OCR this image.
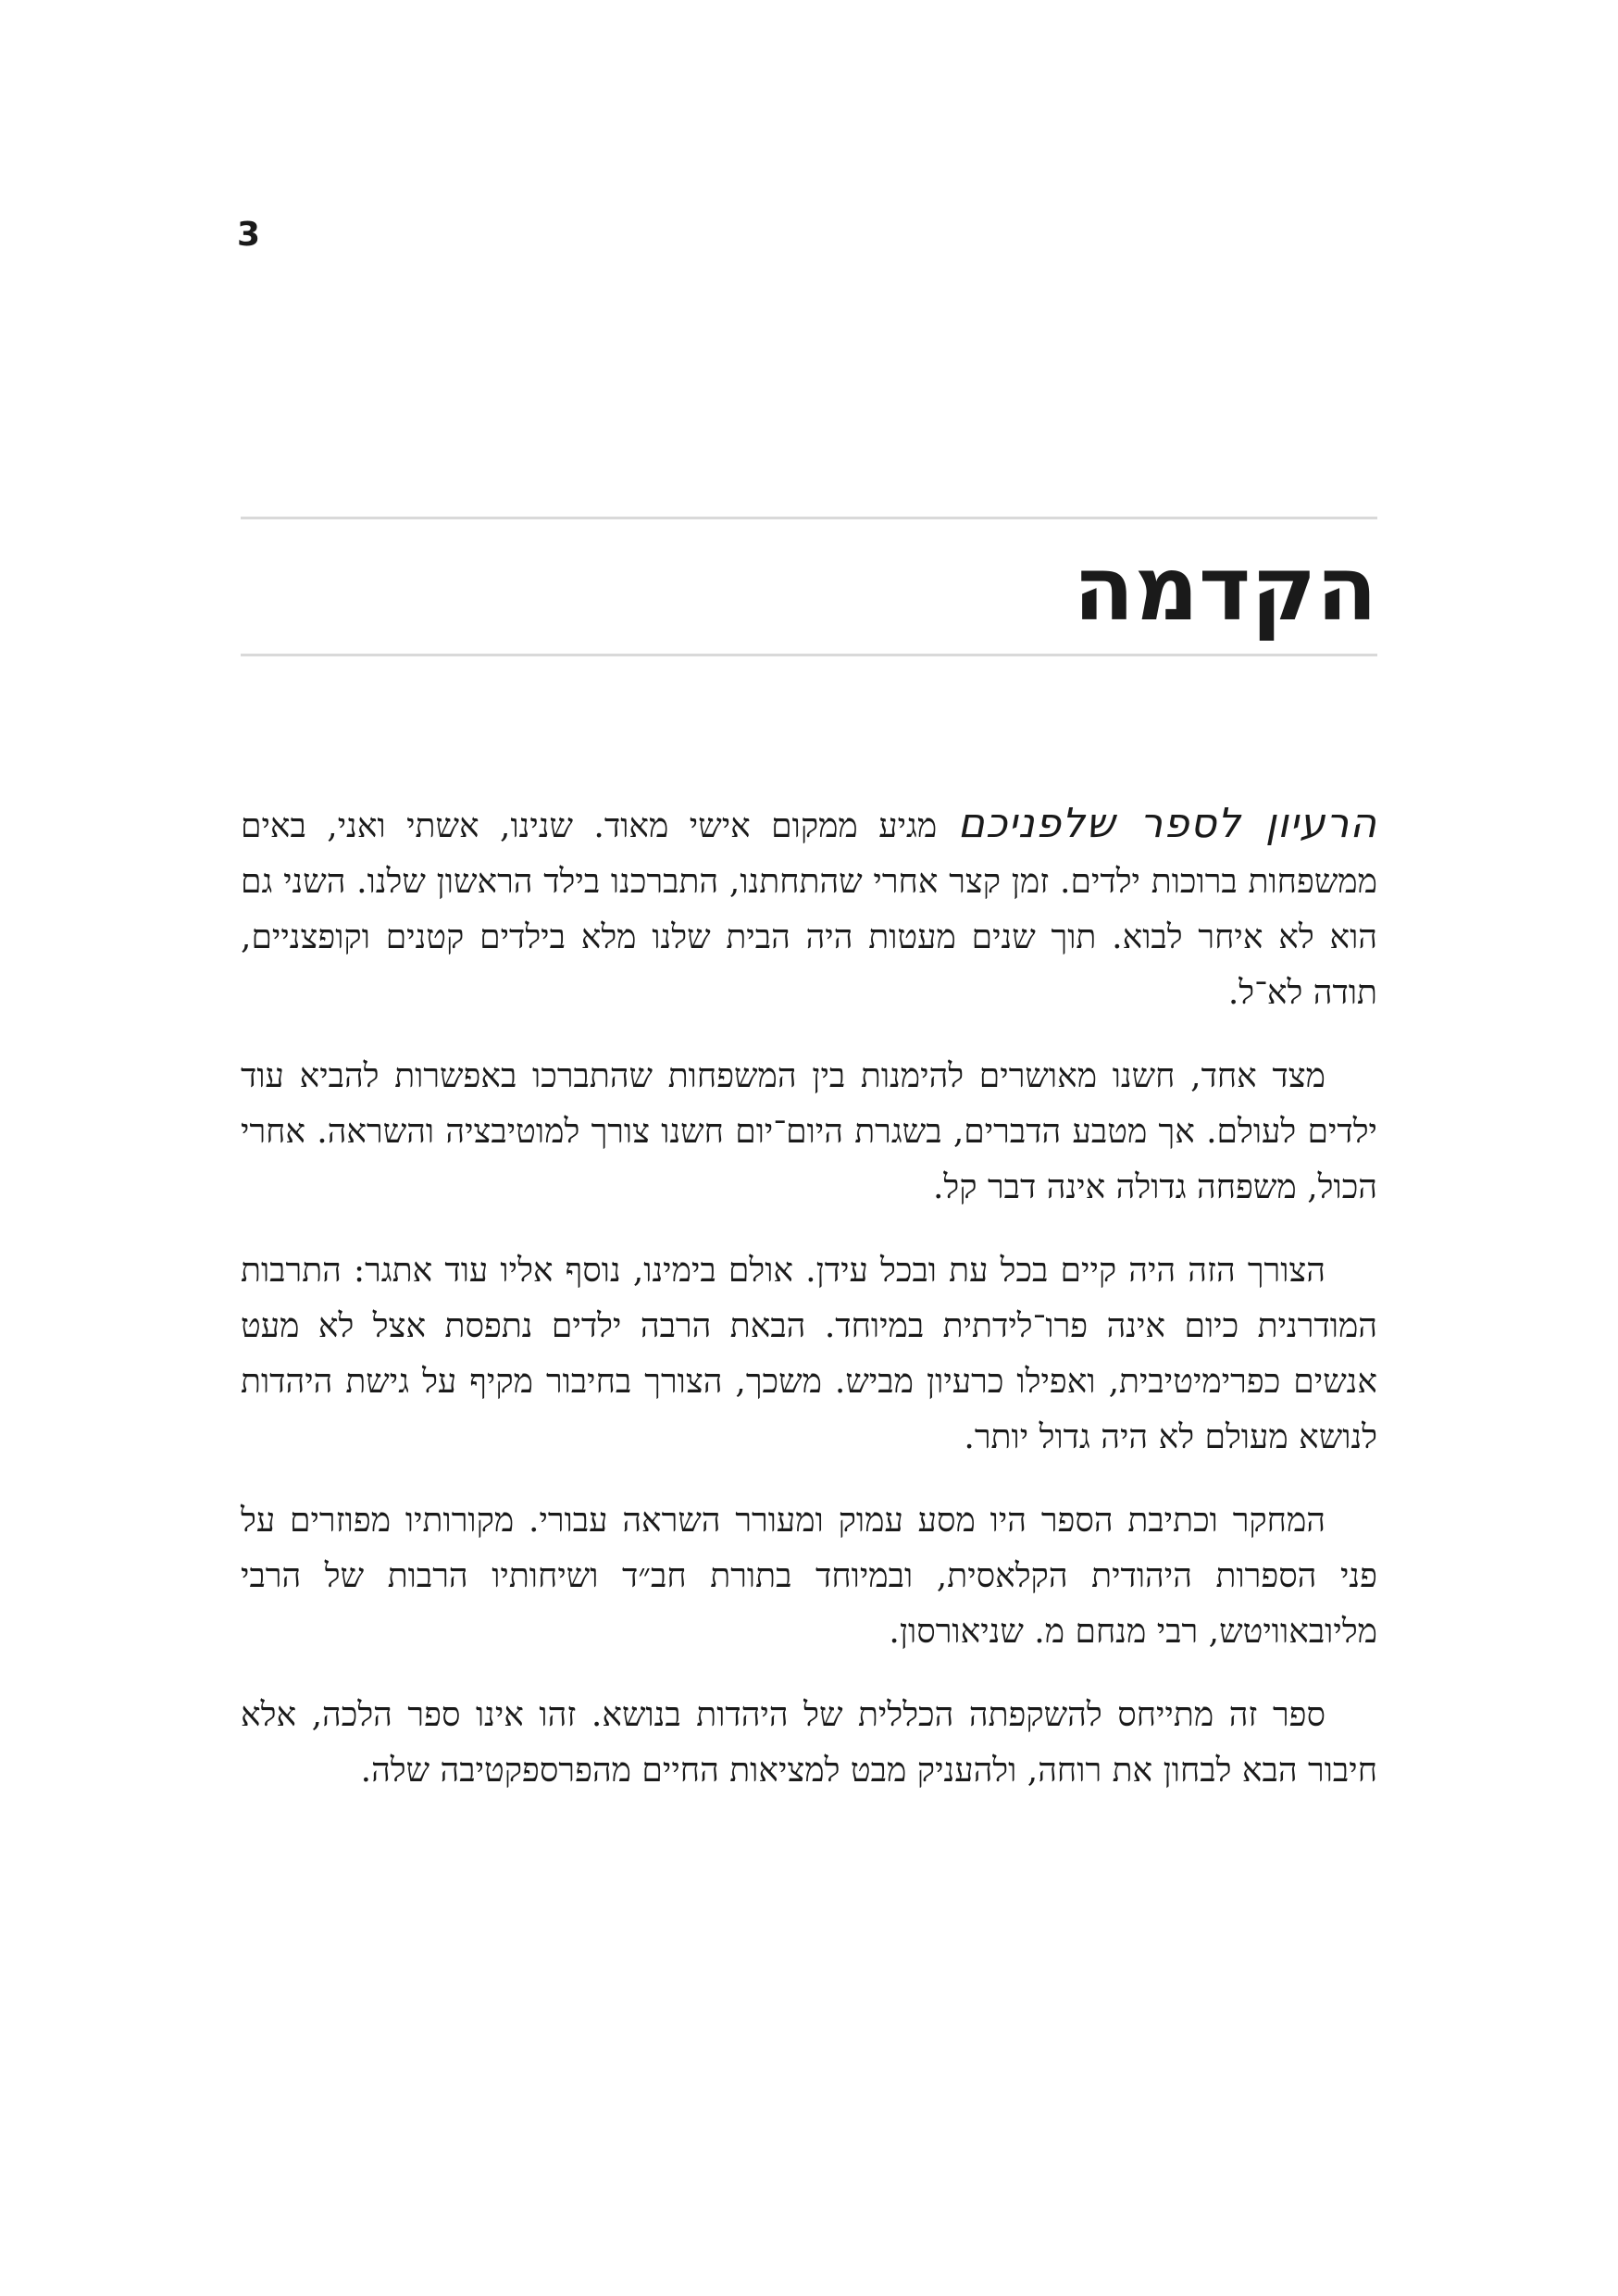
3
הקדמה

הרעיון לספר שלפניכם מגיע ממקום אישי מאוד. שנינו, אשתי ואני, באים ממשפחות ברוכות ילדים. זמן קצר אחרי שהתחתנו, התברכנו בילד הראשון שלנו. השני גם הוא לא איחר לבוא. תוך שנים מעטות היה הבית שלנו מלא בילדים קטנים וקופצניים, תודה לא־ל.

מצד אחד, חשנו מאושרים להימנות בין המשפחות שהתברכו באפשרות להביא עוד ילדים לעולם. אך מטבע הדברים, בשגרת היום־יום חשנו צורך למוטיבציה והשראה. אחרי הכול, משפחה גדולה אינה דבר קל.

הצורך הזה היה קיים בכל עת ובכל עידן. אולם בימינו, נוסף אליו עוד אתגר: התרבות המודרנית כיום אינה פרו־לידתית במיוחד. הבאת הרבה ילדים נתפסת אצל לא מעט אנשים כפרימיטיבית, ואפילו כרעיון מביש. משכך, הצורך בחיבור מקיף על גישת היהדות לנושא מעולם לא היה גדול יותר.

המחקר וכתיבת הספר היו מסע עמוק ומעורר השראה עבורי. מקורותיו מפוזרים על פני הספרות היהודית הקלאסית, ובמיוחד בתורת חב״ד ושיחותיו הרבות של הרבי מליובאוויטש, רבי מנחם מ. שניאורסון.

ספר זה מתייחס להשקפתה הכללית של היהדות בנושא. זהו אינו ספר הלכה, אלא חיבור הבא לבחון את רוחה, ולהעניק מבט למציאות החיים מהפרספקטיבה שלה.
